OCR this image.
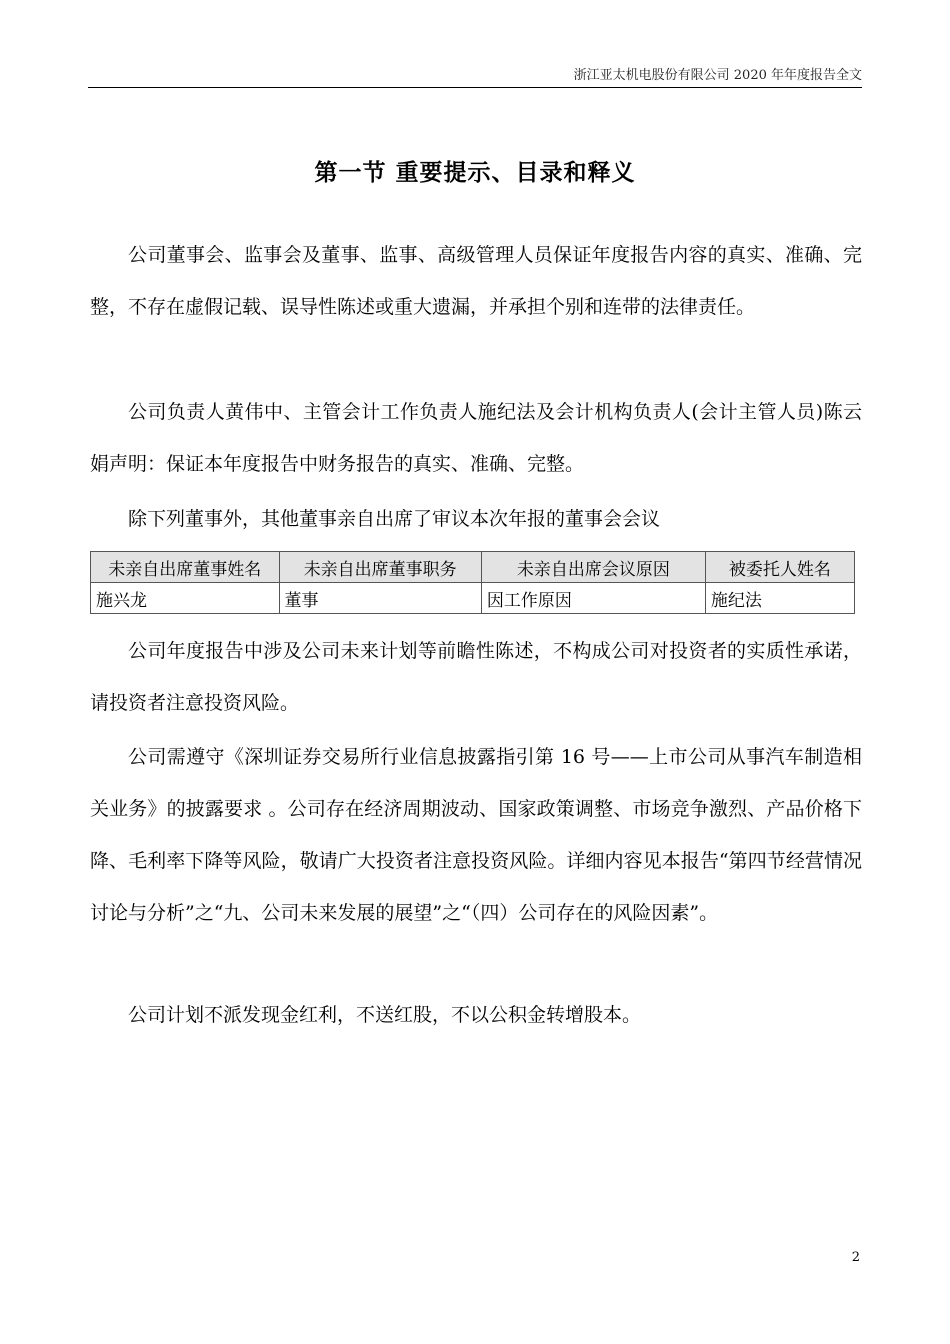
浙江亚太机电股份有限公司 2020 年年度报告全文
第一节 重要提示、目录和释义

公司董事会、监事会及董事、监事、高级管理人员保证年度报告内容的真实、准确、完整，不存在虚假记载、误导性陈述或重大遗漏，并承担个别和连带的法律责任。

公司负责人黄伟中、主管会计工作负责人施纪法及会计机构负责人(会计主管人员)陈云娟声明：保证本年度报告中财务报告的真实、准确、完整。

除下列董事外，其他董事亲自出席了审议本次年报的董事会会议

未亲自出席董事姓名	未亲自出席董事职务	未亲自出席会议原因	被委托人姓名
施兴龙	董事	因工作原因	施纪法

公司年度报告中涉及公司未来计划等前瞻性陈述，不构成公司对投资者的实质性承诺，请投资者注意投资风险。

公司需遵守《深圳证券交易所行业信息披露指引第 16 号——上市公司从事汽车制造相关业务》的披露要求 。公司存在经济周期波动、国家政策调整、市场竞争激烈、产品价格下降、毛利率下降等风险，敬请广大投资者注意投资风险。详细内容见本报告“第四节经营情况讨论与分析”之“九、公司未来发展的展望”之“（四）公司存在的风险因素”。

公司计划不派发现金红利，不送红股，不以公积金转增股本。

2
